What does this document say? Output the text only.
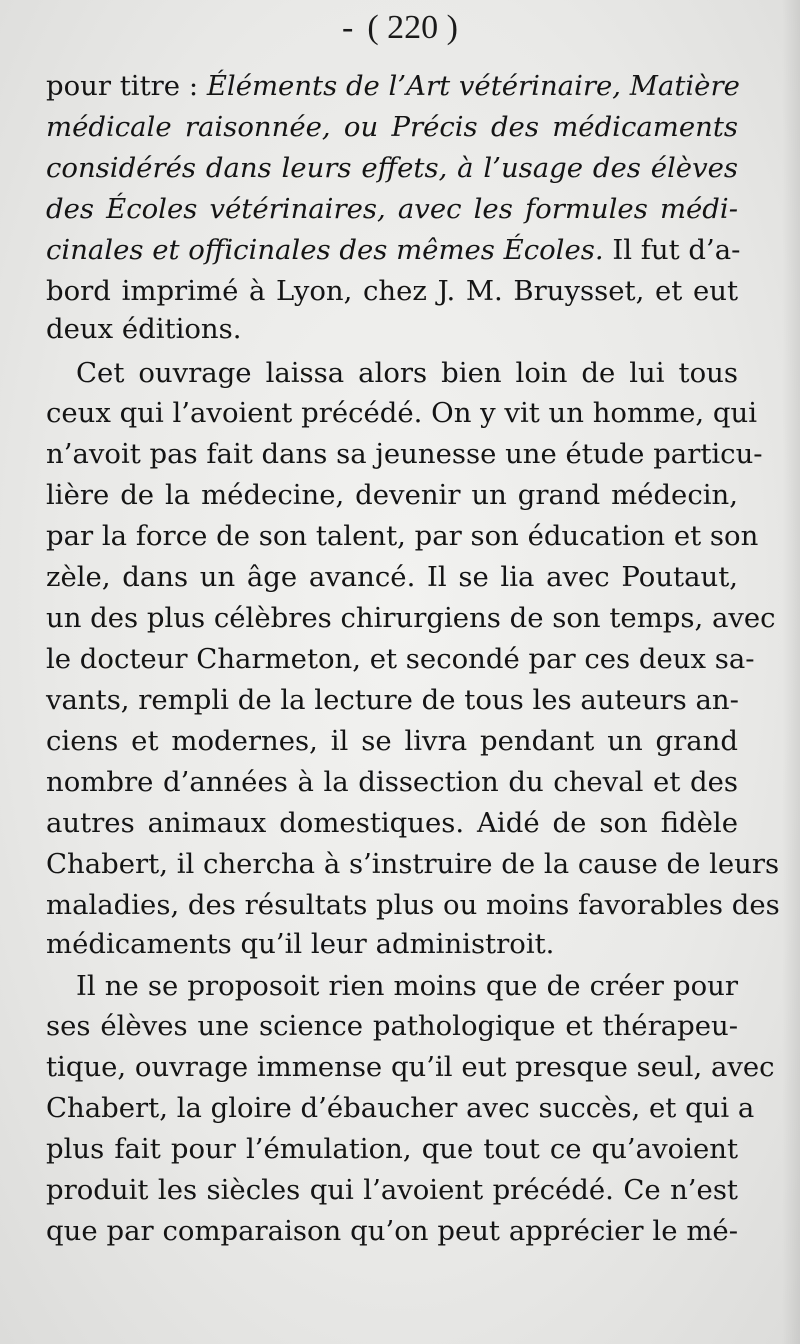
- ( 220 )
pour titre : Éléments de l’Art vétérinaire, Matière
médicale raisonnée, ou Précis des médicaments
considérés dans leurs effets, à l’usage des élèves
des Écoles vétérinaires, avec les formules médi-
cinales et officinales des mêmes Écoles. Il fut d’a-
bord imprimé à Lyon, chez J. M. Bruysset, et eut
deux éditions.
Cet ouvrage laissa alors bien loin de lui tous
ceux qui l’avoient précédé. On y vit un homme, qui
n’avoit pas fait dans sa jeunesse une étude particu-
lière de la médecine, devenir un grand médecin,
par la force de son talent, par son éducation et son
zèle, dans un âge avancé. Il se lia avec Poutaut,
un des plus célèbres chirurgiens de son temps, avec
le docteur Charmeton, et secondé par ces deux sa-
vants, rempli de la lecture de tous les auteurs an-
ciens et modernes, il se livra pendant un grand
nombre d’années à la dissection du cheval et des
autres animaux domestiques. Aidé de son fidèle
Chabert, il chercha à s’instruire de la cause de leurs
maladies, des résultats plus ou moins favorables des
médicaments qu’il leur administroit.
Il ne se proposoit rien moins que de créer pour
ses élèves une science pathologique et thérapeu-
tique, ouvrage immense qu’il eut presque seul, avec
Chabert, la gloire d’ébaucher avec succès, et qui a
plus fait pour l’émulation, que tout ce qu’avoient
produit les siècles qui l’avoient précédé. Ce n’est
que par comparaison qu’on peut apprécier le mé-
